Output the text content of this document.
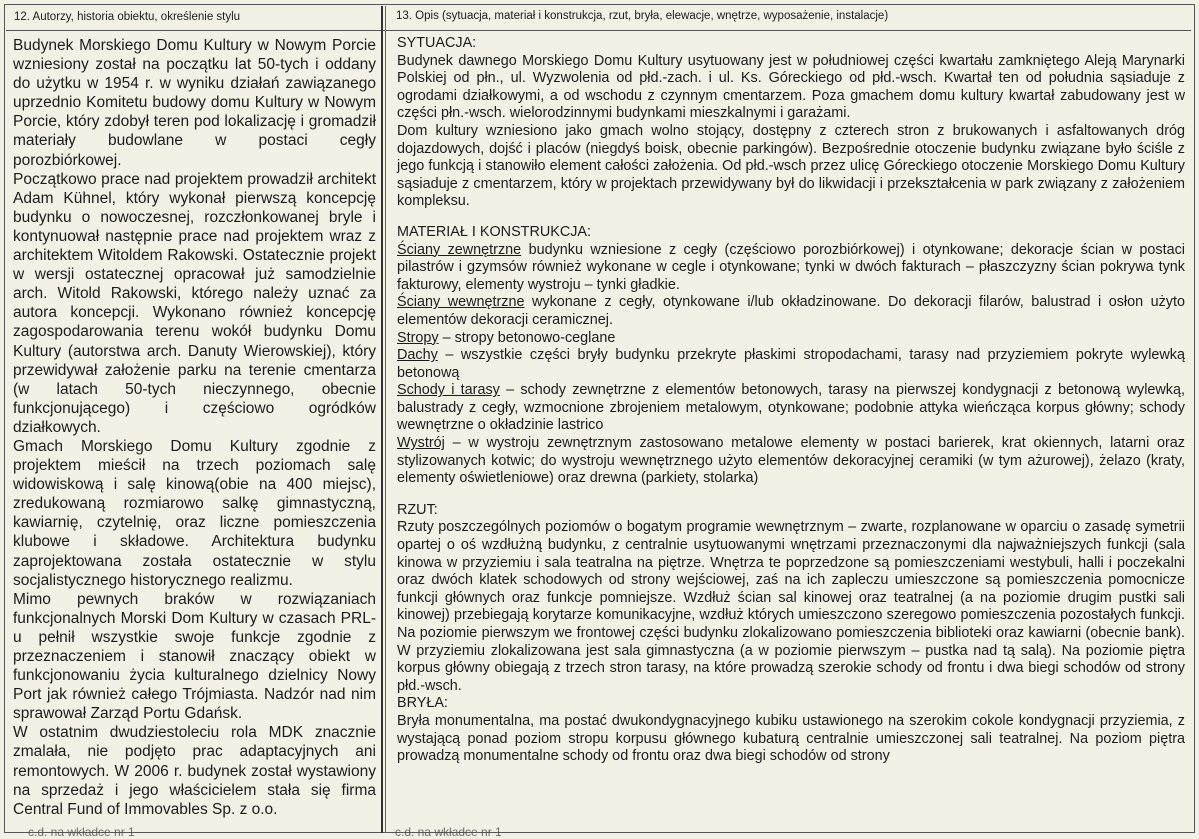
12. Autorzy, historia obiektu, określenie stylu	13. Opis (sytuacja, materiał i konstrukcja, rzut, bryła, elewacje, wnętrze, wyposażenie, instalacje)

Budynek Morskiego Domu Kultury w Nowym Porcie wzniesiony został na początku lat 50-tych i oddany do użytku w 1954 r. w wyniku działań zawiązanego uprzednio Komitetu budowy domu Kultury w Nowym Porcie, który zdobył teren pod lokalizację i gromadził materiały budowlane w postaci cegły porozbiórkowej.

Początkowo prace nad projektem prowadził architekt Adam Kühnel, który wykonał pierwszą koncepcję budynku o nowoczesnej, rozczłonkowanej bryle i kontynuował następnie prace nad projektem wraz z architektem Witoldem Rakowski. Ostatecznie projekt w wersji ostatecznej opracował już samodzielnie arch. Witold Rakowski, którego należy uznać za autora koncepcji. Wykonano również koncepcję zagospodarowania terenu wokół budynku Domu Kultury (autorstwa arch. Danuty Wierowskiej), który przewidywał założenie parku na terenie cmentarza (w latach 50-tych nieczynnego, obecnie funkcjonującego) i częściowo ogródków działkowych.

Gmach Morskiego Domu Kultury zgodnie z projektem mieścił na trzech poziomach salę widowiskową i salę kinową(obie na 400 miejsc), zredukowaną rozmiarowo salkę gimnastyczną, kawiarnię, czytelnię, oraz liczne pomieszczenia klubowe i składowe. Architektura budynku zaprojektowana została ostatecznie w stylu socjalistycznego historycznego realizmu.

Mimo pewnych braków w rozwiązaniach funkcjonalnych Morski Dom Kultury w czasach PRL-u pełnił wszystkie swoje funkcje zgodnie z przeznaczeniem i stanowił znaczący obiekt w funkcjonowaniu życia kulturalnego dzielnicy Nowy Port jak również całego Trójmiasta. Nadzór nad nim sprawował Zarząd Portu Gdańsk.

W ostatnim dwudziestoleciu rola MDK znacznie zmalała, nie podjęto prac adaptacyjnych ani remontowych. W 2006 r. budynek został wystawiony na sprzedaż i jego właścicielem stała się firma Central Fund of Immovables Sp. z o.o.

SYTUACJA:

Budynek dawnego Morskiego Domu Kultury usytuowany jest w południowej części kwartału zamkniętego Aleją Marynarki Polskiej od płn., ul. Wyzwolenia od płd.-zach. i ul. Ks. Góreckiego od płd.-wsch. Kwartał ten od południa sąsiaduje z ogrodami działkowymi, a od wschodu z czynnym cmentarzem. Poza gmachem domu kultury kwartał zabudowany jest w części płn.-wsch. wielorodzinnymi budynkami mieszkalnymi i garażami.

Dom kultury wzniesiono jako gmach wolno stojący, dostępny z czterech stron z brukowanych i asfaltowanych dróg dojazdowych, dojść i placów (niegdyś boisk, obecnie parkingów). Bezpośrednie otoczenie budynku związane było ściśle z jego funkcją i stanowiło element całości założenia. Od płd.-wsch przez ulicę Góreckiego otoczenie Morskiego Domu Kultury sąsiaduje z cmentarzem, który w projektach przewidywany był do likwidacji i przekształcenia w park związany z założeniem kompleksu.

MATERIAŁ I KONSTRUKCJA:

Ściany zewnętrzne budynku wzniesione z cegły (częściowo porozbiórkowej) i otynkowane; dekoracje ścian w postaci pilastrów i gzymsów również wykonane w cegle i otynkowane; tynki w dwóch fakturach – płaszczyzny ścian pokrywa tynk fakturowy, elementy wystroju – tynki gładkie.

Ściany wewnętrzne wykonane z cegły, otynkowane i/lub okładzinowane. Do dekoracji filarów, balustrad i osłon użyto elementów dekoracji ceramicznej.

Stropy – stropy betonowo-ceglane

Dachy – wszystkie części bryły budynku przekryte płaskimi stropodachami, tarasy nad przyziemiem pokryte wylewką betonową

Schody i tarasy – schody zewnętrzne z elementów betonowych, tarasy na pierwszej kondygnacji z betonową wylewką, balustrady z cegły, wzmocnione zbrojeniem metalowym, otynkowane; podobnie attyka wieńcząca korpus główny; schody wewnętrzne o okładzinie lastrico

Wystrój – w wystroju zewnętrznym zastosowano metalowe elementy w postaci barierek, krat okiennych, latarni oraz stylizowanych kotwic; do wystroju wewnętrznego użyto elementów dekoracyjnej ceramiki (w tym ażurowej), żelazo (kraty, elementy oświetleniowe) oraz drewna (parkiety, stolarka)

RZUT:

Rzuty poszczególnych poziomów o bogatym programie wewnętrznym – zwarte, rozplanowane w oparciu o zasadę symetrii opartej o oś wzdłużną budynku, z centralnie usytuowanymi wnętrzami przeznaczonymi dla najważniejszych funkcji (sala kinowa w przyziemiu i sala teatralna na piętrze. Wnętrza te poprzedzone są pomieszczeniami westybuli, halli i poczekalni oraz dwóch klatek schodowych od strony wejściowej, zaś na ich zapleczu umieszczone są pomieszczenia pomocnicze funkcji głównych oraz funkcje pomniejsze. Wzdłuż ścian sal kinowej oraz teatralnej (a na poziomie drugim pustki sali kinowej) przebiegają korytarze komunikacyjne, wzdłuż których umieszczono szeregowo pomieszczenia pozostałych funkcji. Na poziomie pierwszym we frontowej części budynku zlokalizowano pomieszczenia biblioteki oraz kawiarni (obecnie bank). W przyziemiu zlokalizowana jest sala gimnastyczna (a w poziomie pierwszym – pustka nad tą salą). Na poziomie piętra korpus główny obiegają z trzech stron tarasy, na które prowadzą szerokie schody od frontu i dwa biegi schodów od strony płd.-wsch.

BRYŁA:

Bryła monumentalna, ma postać dwukondygnacyjnego kubiku ustawionego na szerokim cokole kondygnacji przyziemia, z wystającą ponad poziom stropu korpusu głównego kubaturą centralnie umieszczonej sali teatralnej. Na poziom piętra prowadzą monumentalne schody od frontu oraz dwa biegi schodów od strony

c.d. na wkładce nr 1	c.d. na wkładce nr 1
